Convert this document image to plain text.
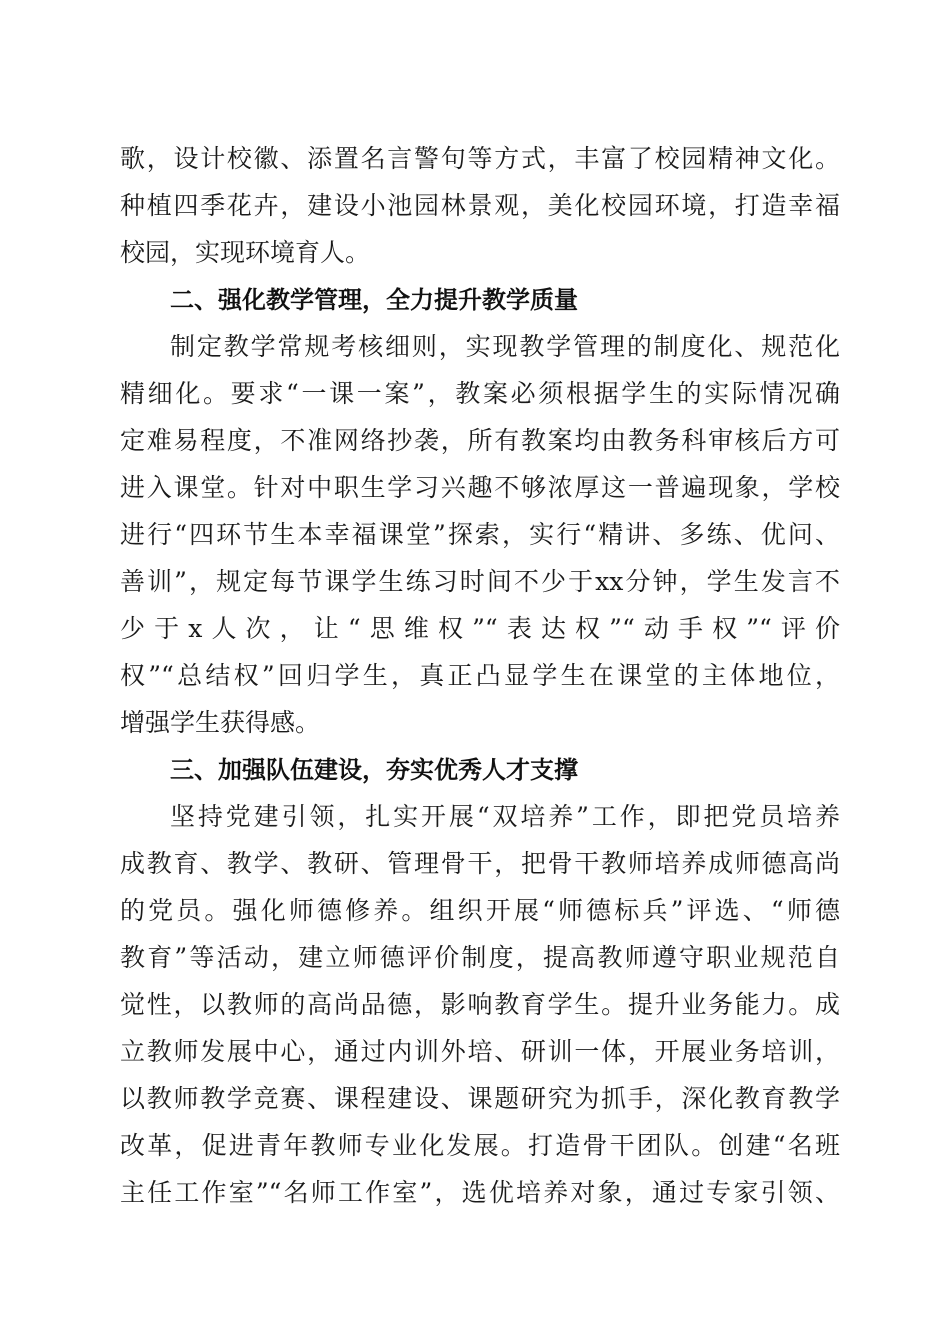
歌，设计校徽、添置名言警句等方式，丰富了校园精神文化。

种植四季花卉，建设小池园林景观，美化校园环境，打造幸福

校园，实现环境育人。

二、强化教学管理，全力提升教学质量

制定教学常规考核细则，实现教学管理的制度化、规范化

精细化。要求“一课一案”，教案必须根据学生的实际情况确

定难易程度，不准网络抄袭，所有教案均由教务科审核后方可

进入课堂。针对中职生学习兴趣不够浓厚这一普遍现象，学校

进行“四环节生本幸福课堂”探索，实行“精讲、多练、优问、

善训”，规定每节课学生练习时间不少于xx分钟，学生发言不

少于x人次，让“思维权”“表达权”“动手权”“评价

权”“总结权”回归学生，真正凸显学生在课堂的主体地位，

增强学生获得感。

三、加强队伍建设，夯实优秀人才支撑

坚持党建引领，扎实开展“双培养”工作，即把党员培养

成教育、教学、教研、管理骨干，把骨干教师培养成师德高尚

的党员。强化师德修养。组织开展“师德标兵”评选、“师德

教育”等活动，建立师德评价制度，提高教师遵守职业规范自

觉性，以教师的高尚品德，影响教育学生。提升业务能力。成

立教师发展中心，通过内训外培、研训一体，开展业务培训，

以教师教学竞赛、课程建设、课题研究为抓手，深化教育教学

改革，促进青年教师专业化发展。打造骨干团队。创建“名班

主任工作室”“名师工作室”，选优培养对象，通过专家引领、
